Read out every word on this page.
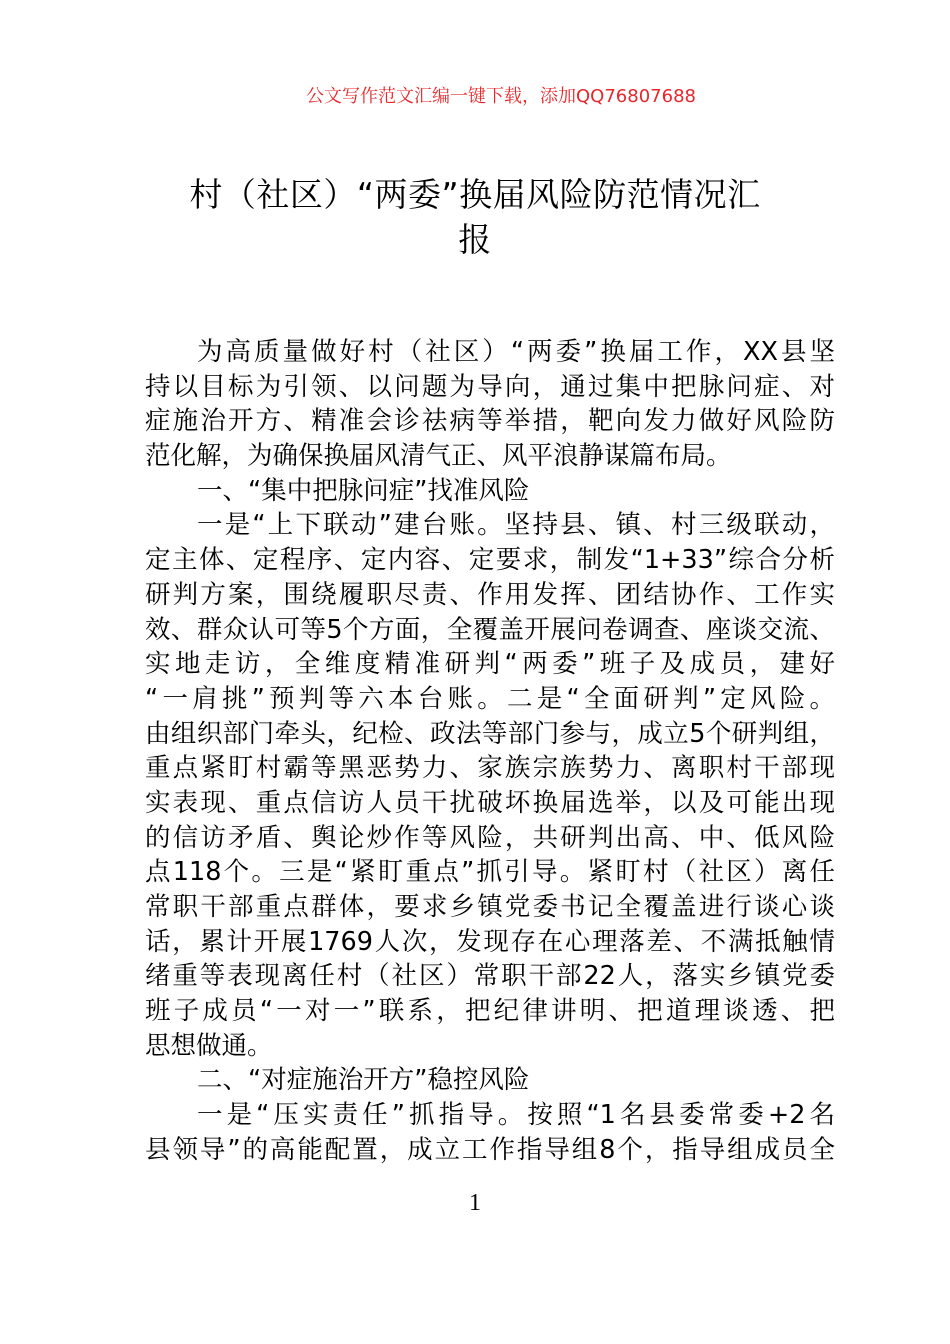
公文写作范文汇编一键下载，添加QQ76807688
村（社区）“两委”换届风险防范情况汇
报
为高质量做好村（社区）“两委”换届工作，XX县坚
持以目标为引领、以问题为导向，通过集中把脉问症、对
症施治开方、精准会诊祛病等举措，靶向发力做好风险防
范化解，为确保换届风清气正、风平浪静谋篇布局。
一、“集中把脉问症”找准风险
一是“上下联动”建台账。坚持县、镇、村三级联动，
定主体、定程序、定内容、定要求，制发“1+33”综合分析
研判方案，围绕履职尽责、作用发挥、团结协作、工作实
效、群众认可等5个方面，全覆盖开展问卷调查、座谈交流、
实地走访，全维度精准研判“两委”班子及成员，建好
“一肩挑”预判等六本台账。二是“全面研判”定风险。
由组织部门牵头，纪检、政法等部门参与，成立5个研判组，
重点紧盯村霸等黑恶势力、家族宗族势力、离职村干部现
实表现、重点信访人员干扰破坏换届选举，以及可能出现
的信访矛盾、舆论炒作等风险，共研判出高、中、低风险
点118个。三是“紧盯重点”抓引导。紧盯村（社区）离任
常职干部重点群体，要求乡镇党委书记全覆盖进行谈心谈
话，累计开展1769人次，发现存在心理落差、不满抵触情
绪重等表现离任村（社区）常职干部22人，落实乡镇党委
班子成员“一对一”联系，把纪律讲明、把道理谈透、把
思想做通。
二、“对症施治开方”稳控风险
一是“压实责任”抓指导。按照“1名县委常委+2名
县领导”的高能配置，成立工作指导组8个，指导组成员全
1
